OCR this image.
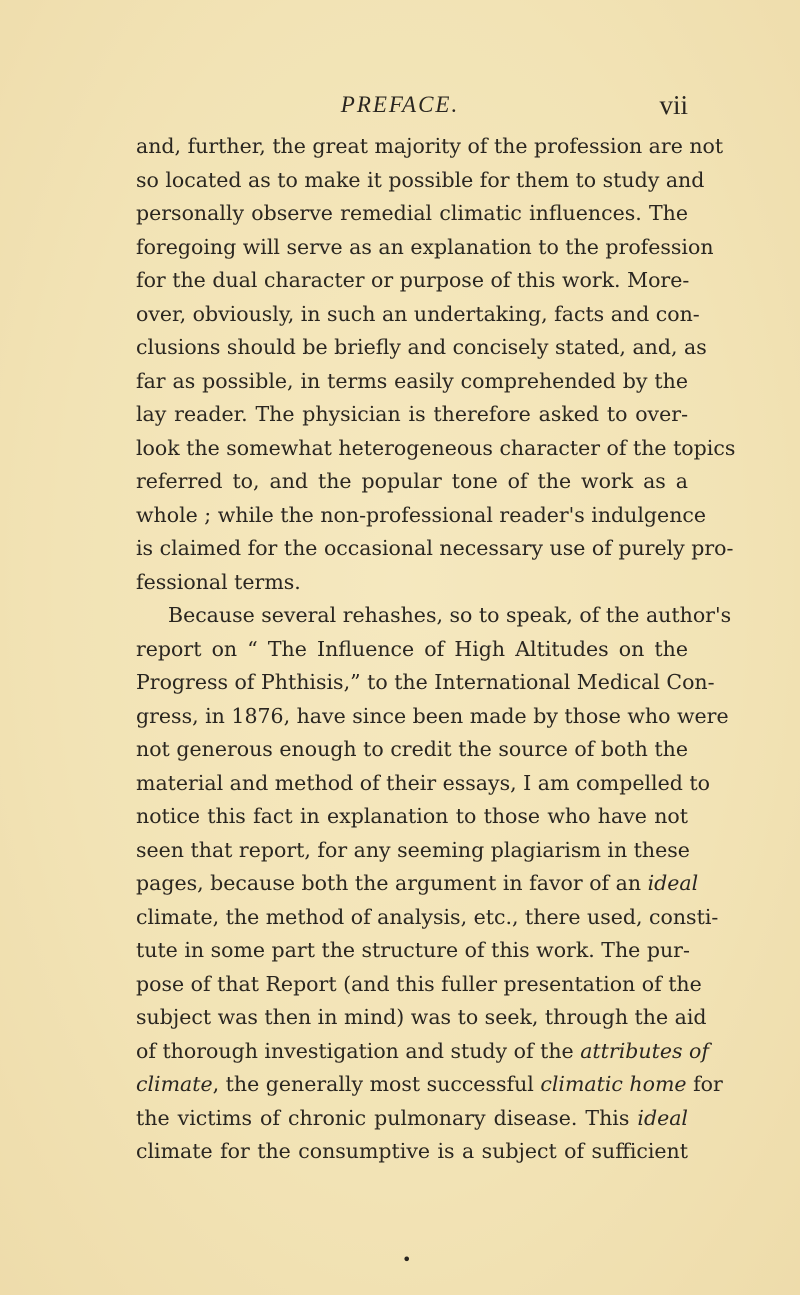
PREFACE.	vii
and, further, the great majority of the profession are not
so located as to make it possible for them to study and
personally observe remedial climatic influences. The
foregoing will serve as an explanation to the profession
for the dual character or purpose of this work. More-
over, obviously, in such an undertaking, facts and con-
clusions should be briefly and concisely stated, and, as
far as possible, in terms easily comprehended by the
lay reader. The physician is therefore asked to over-
look the somewhat heterogeneous character of the topics
referred to, and the popular tone of the work as a
whole ; while the non-professional reader's indulgence
is claimed for the occasional necessary use of purely pro-
fessional terms.
Because several rehashes, so to speak, of the author's
report on “ The Influence of High Altitudes on the
Progress of Phthisis,” to the International Medical Con-
gress, in 1876, have since been made by those who were
not generous enough to credit the source of both the
material and method of their essays, I am compelled to
notice this fact in explanation to those who have not
seen that report, for any seeming plagiarism in these
pages, because both the argument in favor of an ideal
climate, the method of analysis, etc., there used, consti-
tute in some part the structure of this work. The pur-
pose of that Report (and this fuller presentation of the
subject was then in mind) was to seek, through the aid
of thorough investigation and study of the attributes of
climate, the generally most successful climatic home for
the victims of chronic pulmonary disease. This ideal
climate for the consumptive is a subject of sufficient
•
